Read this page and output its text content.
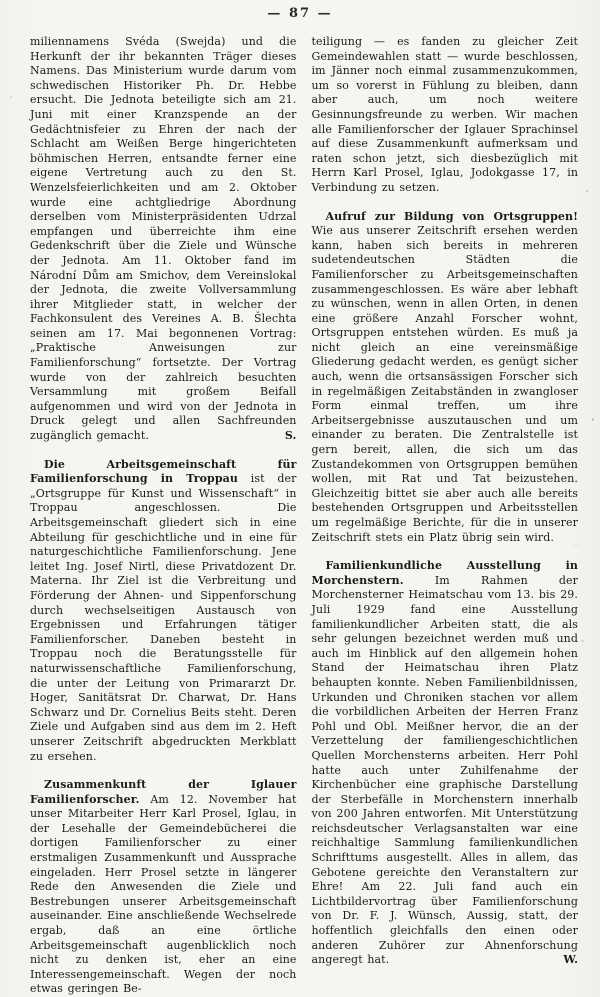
— 87 —

miliennamens Svéda (Swejda) und die Herkunft der ihr bekannten Träger dieses Namens. Das Ministerium wurde darum vom schwedischen Historiker Ph. Dr. Hebbe ersucht. Die Jednota beteiligte sich am 21. Juni mit einer Kranzspende an der Gedächtnisfeier zu Ehren der nach der Schlacht am Weißen Berge hingerichteten böhmischen Herren, entsandte ferner eine eigene Vertretung auch zu den St. Wenzelsfeierlichkeiten und am 2. Oktober wurde eine achtgliedrige Abordnung derselben vom Ministerpräsidenten Udrzal empfangen und überreichte ihm eine Gedenkschrift über die Ziele und Wünsche der Jednota. Am 11. Oktober fand im Národní Dům am Smichov, dem Vereinslokal der Jednota, die zweite Vollversammlung ihrer Mitglieder statt, in welcher der Fachkonsulent des Vereines A. B. Šlechta seinen am 17. Mai begonnenen Vortrag: „Praktische Anweisungen zur Familienforschung“ fortsetzte. Der Vortrag wurde von der zahlreich besuchten Versammlung mit großem Beifall aufgenommen und wird von der Jednota in Druck gelegt und allen Sachfreunden zugänglich gemacht.	S.

Die Arbeitsgemeinschaft für Familienforschung in Troppau ist der „Ortsgruppe für Kunst und Wissenschaft“ in Troppau angeschlossen. Die Arbeitsgemeinschaft gliedert sich in eine Abteilung für geschichtliche und in eine für naturgeschichtliche Familienforschung. Jene leitet Ing. Josef Nirtl, diese Privatdozent Dr. Materna. Ihr Ziel ist die Verbreitung und Förderung der Ahnen- und Sippenforschung durch wechselseitigen Austausch von Ergebnissen und Erfahrungen tätiger Familienforscher. Daneben besteht in Troppau noch die Beratungsstelle für naturwissenschaftliche Familienforschung, die unter der Leitung von Primararzt Dr. Hoger, Sanitätsrat Dr. Charwat, Dr. Hans Schwarz und Dr. Cornelius Beits steht. Deren Ziele und Aufgaben sind aus dem im 2. Heft unserer Zeitschrift abgedruckten Merkblatt zu ersehen.

Zusammenkunft der Iglauer Familienforscher. Am 12. November hat unser Mitarbeiter Herr Karl Prosel, Iglau, in der Lesehalle der Gemeindebücherei die dortigen Familienforscher zu einer erstmaligen Zusammenkunft und Aussprache eingeladen. Herr Prosel setzte in längerer Rede den Anwesenden die Ziele und Bestrebungen unserer Arbeitsgemeinschaft auseinander. Eine anschließende Wechselrede ergab, daß an eine örtliche Arbeitsgemeinschaft augenblicklich noch nicht zu denken ist, eher an eine Interessengemeinschaft. Wegen der noch etwas geringen Be-

teiligung — es fanden zu gleicher Zeit Gemeindewahlen statt — wurde beschlossen, im Jänner noch einmal zusammenzukommen, um so vorerst in Fühlung zu bleiben, dann aber auch, um noch weitere Gesinnungsfreunde zu werben. Wir machen alle Familienforscher der Iglauer Sprachinsel auf diese Zusammenkunft aufmerksam und raten schon jetzt, sich diesbezüglich mit Herrn Karl Prosel, Iglau, Jodokgasse 17, in Verbindung zu setzen.

Aufruf zur Bildung von Ortsgruppen! Wie aus unserer Zeitschrift ersehen werden kann, haben sich bereits in mehreren sudetendeutschen Städten die Familienforscher zu Arbeitsgemeinschaften zusammengeschlossen. Es wäre aber lebhaft zu wünschen, wenn in allen Orten, in denen eine größere Anzahl Forscher wohnt, Ortsgruppen entstehen würden. Es muß ja nicht gleich an eine vereinsmäßige Gliederung gedacht werden, es genügt sicher auch, wenn die ortsansässigen Forscher sich in regelmäßigen Zeitabständen in zwangloser Form einmal treffen, um ihre Arbeitsergebnisse auszutauschen und um einander zu beraten. Die Zentralstelle ist gern bereit, allen, die sich um das Zustandekommen von Ortsgruppen bemühen wollen, mit Rat und Tat beizustehen. Gleichzeitig bittet sie aber auch alle bereits bestehenden Ortsgruppen und Arbeitsstellen um regelmäßige Berichte, für die in unserer Zeitschrift stets ein Platz übrig sein wird.

Familienkundliche Ausstellung in Morchenstern.	Im Rahmen der Morchensterner Heimatschau vom 13. bis 29. Juli 1929 fand eine Ausstellung familienkundlicher Arbeiten statt, die als sehr gelungen bezeichnet werden muß und auch im Hinblick auf den allgemein hohen Stand der Heimatschau ihren Platz behaupten konnte. Neben Familienbildnissen, Urkunden und Chroniken stachen vor allem die vorbildlichen Arbeiten der Herren Franz Pohl und Obl. Meißner hervor, die an der Verzettelung der familiengeschichtlichen Quellen Morchensterns arbeiten. Herr Pohl hatte auch unter Zuhilfenahme der Kirchenbücher eine graphische Darstellung der Sterbefälle in Morchenstern innerhalb von 200 Jahren entworfen. Mit Unterstützung reichsdeutscher Verlagsanstalten war eine reichhaltige Sammlung familienkundlichen Schrifttums ausgestellt. Alles in allem, das Gebotene gereichte den Veranstaltern zur Ehre! Am 22. Juli fand auch ein Lichtbildervortrag über Familienforschung von Dr. F. J. Wünsch, Aussig, statt, der hoffentlich gleichfalls den einen oder anderen Zuhörer zur Ahnenforschung angeregt hat.	W.
